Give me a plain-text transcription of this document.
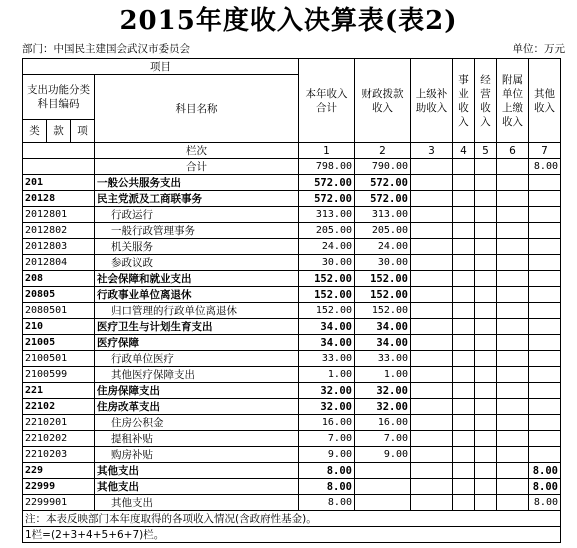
2015年度收入决算表(表2)
部门：中国民主建国会武汉市委员会	单位：万元
项目				本年收入合计	财政拨款收入	上级补助收入	事业收入	经营收入	附属单位上缴收入	其他收入

支出功能分类科目编码			科目名称							

类	款	项								
			栏次	1	2	3	4	5	6	7
			合计	798.00	790.00					8.00
201			一般公共服务支出	572.00	572.00					
20128			民主党派及工商联事务	572.00	572.00					
2012801			行政运行	313.00	313.00					
2012802			一般行政管理事务	205.00	205.00					
2012803			机关服务	24.00	24.00					
2012804			参政议政	30.00	30.00					
208			社会保障和就业支出	152.00	152.00					
20805			行政事业单位离退休	152.00	152.00					
2080501			归口管理的行政单位离退休	152.00	152.00					
210			医疗卫生与计划生育支出	34.00	34.00					
21005			医疗保障	34.00	34.00					
2100501			行政单位医疗	33.00	33.00					
2100599			其他医疗保障支出	1.00	1.00					
221			住房保障支出	32.00	32.00					
22102			住房改革支出	32.00	32.00					
2210201			住房公积金	16.00	16.00					
2210202			提租补贴	7.00	7.00					
2210203			购房补贴	9.00	9.00					
229			其他支出	8.00						8.00
22999			其他支出	8.00						8.00
2299901			其他支出	8.00						8.00
注：本表反映部门本年度取得的各项收入情况(含政府性基金)。										
1栏=(2+3+4+5+6+7)栏。										
